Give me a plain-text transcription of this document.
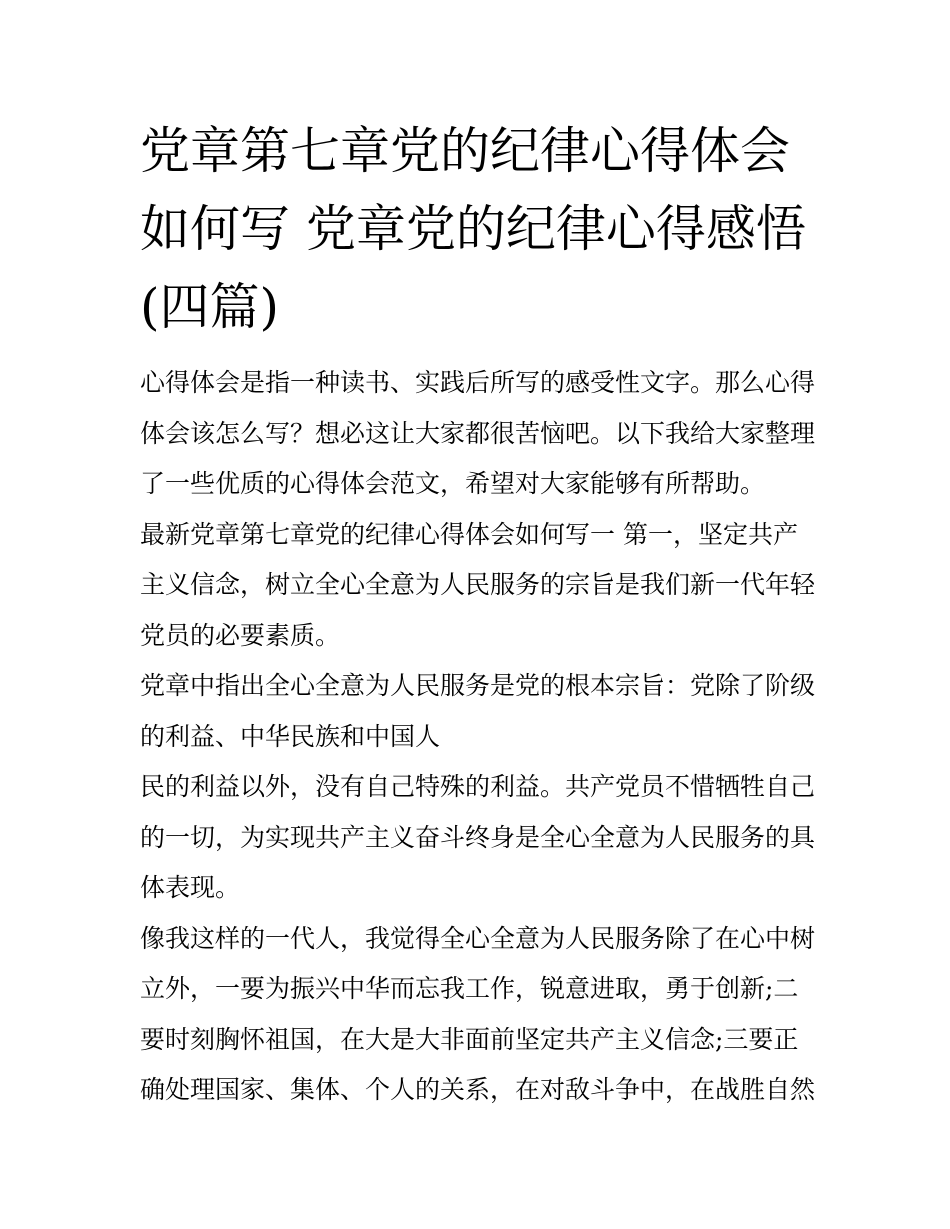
党章第七章党的纪律心得体会
如何写 党章党的纪律心得感悟
(四篇)
心得体会是指一种读书、实践后所写的感受性文字。那么心得
体会该怎么写？想必这让大家都很苦恼吧。以下我给大家整理
了一些优质的心得体会范文，希望对大家能够有所帮助。
最新党章第七章党的纪律心得体会如何写一 第一，坚定共产
主义信念，树立全心全意为人民服务的宗旨是我们新一代年轻
党员的必要素质。
党章中指出全心全意为人民服务是党的根本宗旨：党除了阶级
的利益、中华民族和中国人
民的利益以外，没有自己特殊的利益。共产党员不惜牺牲自己
的一切，为实现共产主义奋斗终身是全心全意为人民服务的具
体表现。
像我这样的一代人，我觉得全心全意为人民服务除了在心中树
立外，一要为振兴中华而忘我工作，锐意进取，勇于创新;二
要时刻胸怀祖国，在大是大非面前坚定共产主义信念;三要正
确处理国家、集体、个人的关系，在对敌斗争中，在战胜自然
